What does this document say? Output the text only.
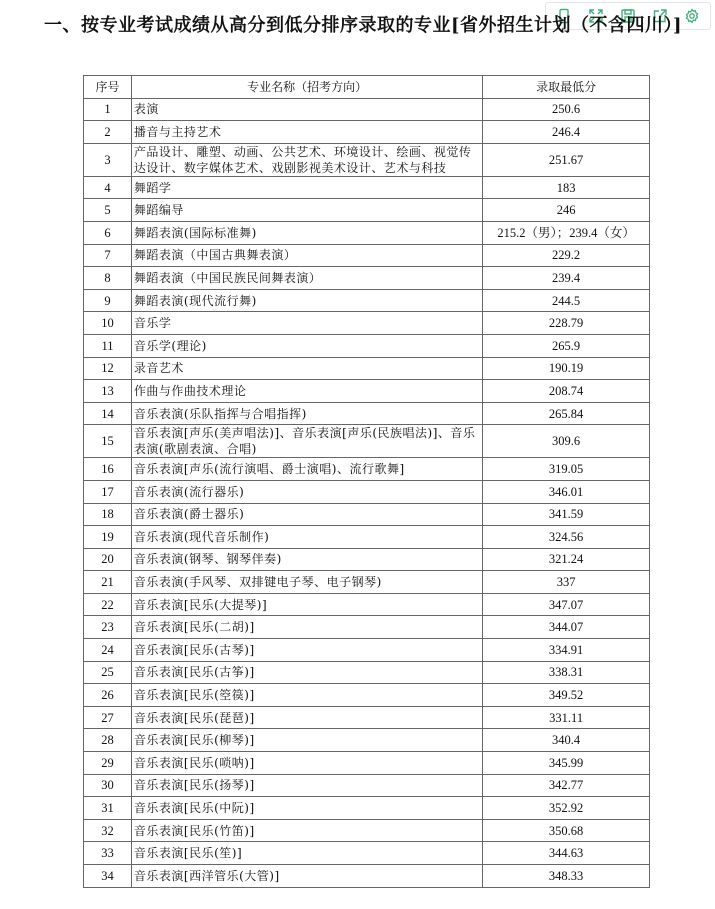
一、按专业考试成绩从高分到低分排序录取的专业[省外招生计划（不含四川）]
序号	专业名称（招考方向）	录取最低分
1	表演	250.6
2	播音与主持艺术	246.4
3	产品设计、雕塑、动画、公共艺术、环境设计、绘画、视觉传达设计、数字媒体艺术、戏剧影视美术设计、艺术与科技	251.67
4	舞蹈学	183
5	舞蹈编导	246
6	舞蹈表演(国际标准舞)	215.2（男）；239.4（女）
7	舞蹈表演（中国古典舞表演）	229.2
8	舞蹈表演（中国民族民间舞表演）	239.4
9	舞蹈表演(现代流行舞)	244.5
10	音乐学	228.79
11	音乐学(理论)	265.9
12	录音艺术	190.19
13	作曲与作曲技术理论	208.74
14	音乐表演(乐队指挥与合唱指挥)	265.84
15	音乐表演[声乐(美声唱法)]、音乐表演[声乐(民族唱法)]、音乐表演(歌剧表演、合唱)	309.6
16	音乐表演[声乐(流行演唱、爵士演唱)、流行歌舞]	319.05
17	音乐表演(流行器乐)	346.01
18	音乐表演(爵士器乐)	341.59
19	音乐表演(现代音乐制作)	324.56
20	音乐表演(钢琴、钢琴伴奏)	321.24
21	音乐表演(手风琴、双排键电子琴、电子钢琴)	337
22	音乐表演[民乐(大提琴)]	347.07
23	音乐表演[民乐(二胡)]	344.07
24	音乐表演[民乐(古琴)]	334.91
25	音乐表演[民乐(古筝)]	338.31
26	音乐表演[民乐(箜篌)]	349.52
27	音乐表演[民乐(琵琶)]	331.11
28	音乐表演[民乐(柳琴)]	340.4
29	音乐表演[民乐(唢呐)]	345.99
30	音乐表演[民乐(扬琴)]	342.77
31	音乐表演[民乐(中阮)]	352.92
32	音乐表演[民乐(竹笛)]	350.68
33	音乐表演[民乐(笙)]	344.63
34	音乐表演[西洋管乐(大管)]	348.33
